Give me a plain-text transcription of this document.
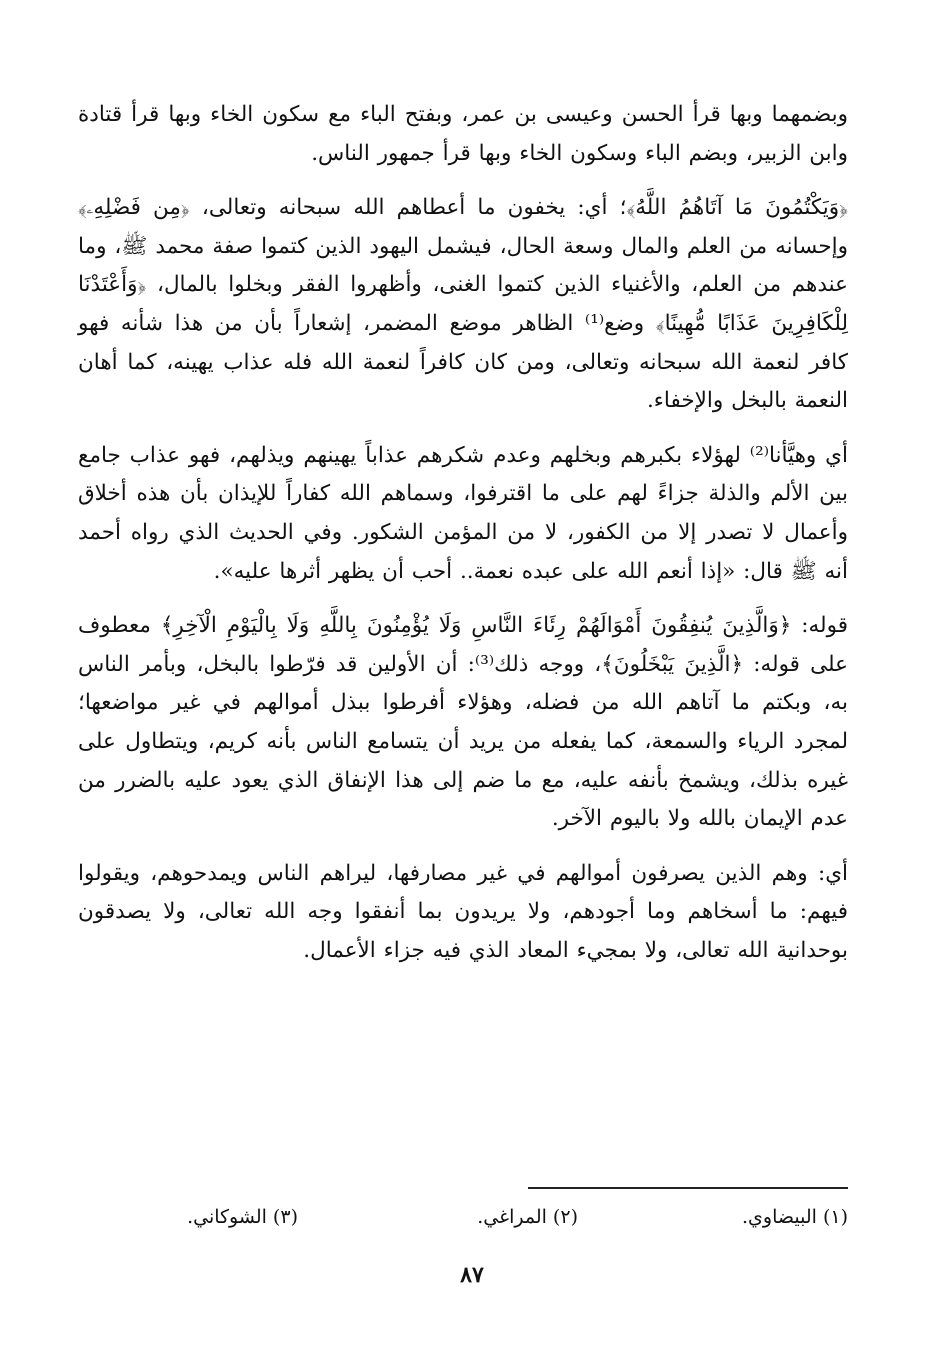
وبضمهما وبها قرأ الحسن وعيسى بن عمر، وبفتح الباء مع سكون الخاء وبها قرأ قتادة وابن الزبير، وبضم الباء وسكون الخاء وبها قرأ جمهور الناس.

﴿وَيَكْتُمُونَ مَا آتَاهُمُ اللَّهُ﴾؛ أي: يخفون ما أعطاهم الله سبحانه وتعالى، ﴿مِن فَضْلِهِۦ﴾ وإحسانه من العلم والمال وسعة الحال، فيشمل اليهود الذين كتموا صفة محمد ﷺ، وما عندهم من العلم، والأغنياء الذين كتموا الغنى، وأظهروا الفقر وبخلوا بالمال، ﴿وَأَعْتَدْنَا لِلْكَافِرِينَ عَذَابًا مُّهِينًا﴾ وضع⁽¹⁾ الظاهر موضع المضمر، إشعاراً بأن من هذا شأنه فهو كافر لنعمة الله سبحانه وتعالى، ومن كان كافراً لنعمة الله فله عذاب يهينه، كما أهان النعمة بالبخل والإخفاء.

أي وهيَّأنا⁽²⁾ لهؤلاء بكبرهم وبخلهم وعدم شكرهم عذاباً يهينهم ويذلهم، فهو عذاب جامع بين الألم والذلة جزاءً لهم على ما اقترفوا، وسماهم الله كفاراً للإيذان بأن هذه أخلاق وأعمال لا تصدر إلا من الكفور، لا من المؤمن الشكور. وفي الحديث الذي رواه أحمد أنه ﷺ قال: «إذا أنعم الله على عبده نعمة.. أحب أن يظهر أثرها عليه».

قوله: ﴿وَالَّذِينَ يُنفِقُونَ أَمْوَالَهُمْ رِئَاءَ النَّاسِ وَلَا يُؤْمِنُونَ بِاللَّهِ وَلَا بِالْيَوْمِ الْآخِرِ﴾ معطوف على قوله: ﴿الَّذِينَ يَبْخَلُونَ﴾، ووجه ذلك⁽³⁾: أن الأولين قد فرّطوا بالبخل، وبأمر الناس به، وبكتم ما آتاهم الله من فضله، وهؤلاء أفرطوا ببذل أموالهم في غير مواضعها؛ لمجرد الرياء والسمعة، كما يفعله من يريد أن يتسامع الناس بأنه كريم، ويتطاول على غيره بذلك، ويشمخ بأنفه عليه، مع ما ضم إلى هذا الإنفاق الذي يعود عليه بالضرر من عدم الإيمان بالله ولا باليوم الآخر.

أي: وهم الذين يصرفون أموالهم في غير مصارفها، ليراهم الناس ويمدحوهم، ويقولوا فيهم: ما أسخاهم وما أجودهم، ولا يريدون بما أنفقوا وجه الله تعالى، ولا يصدقون بوحدانية الله تعالى، ولا بمجيء المعاد الذي فيه جزاء الأعمال.

(١) البيضاوي.
(٢) المراغي.
(٣) الشوكاني.
٨٧
